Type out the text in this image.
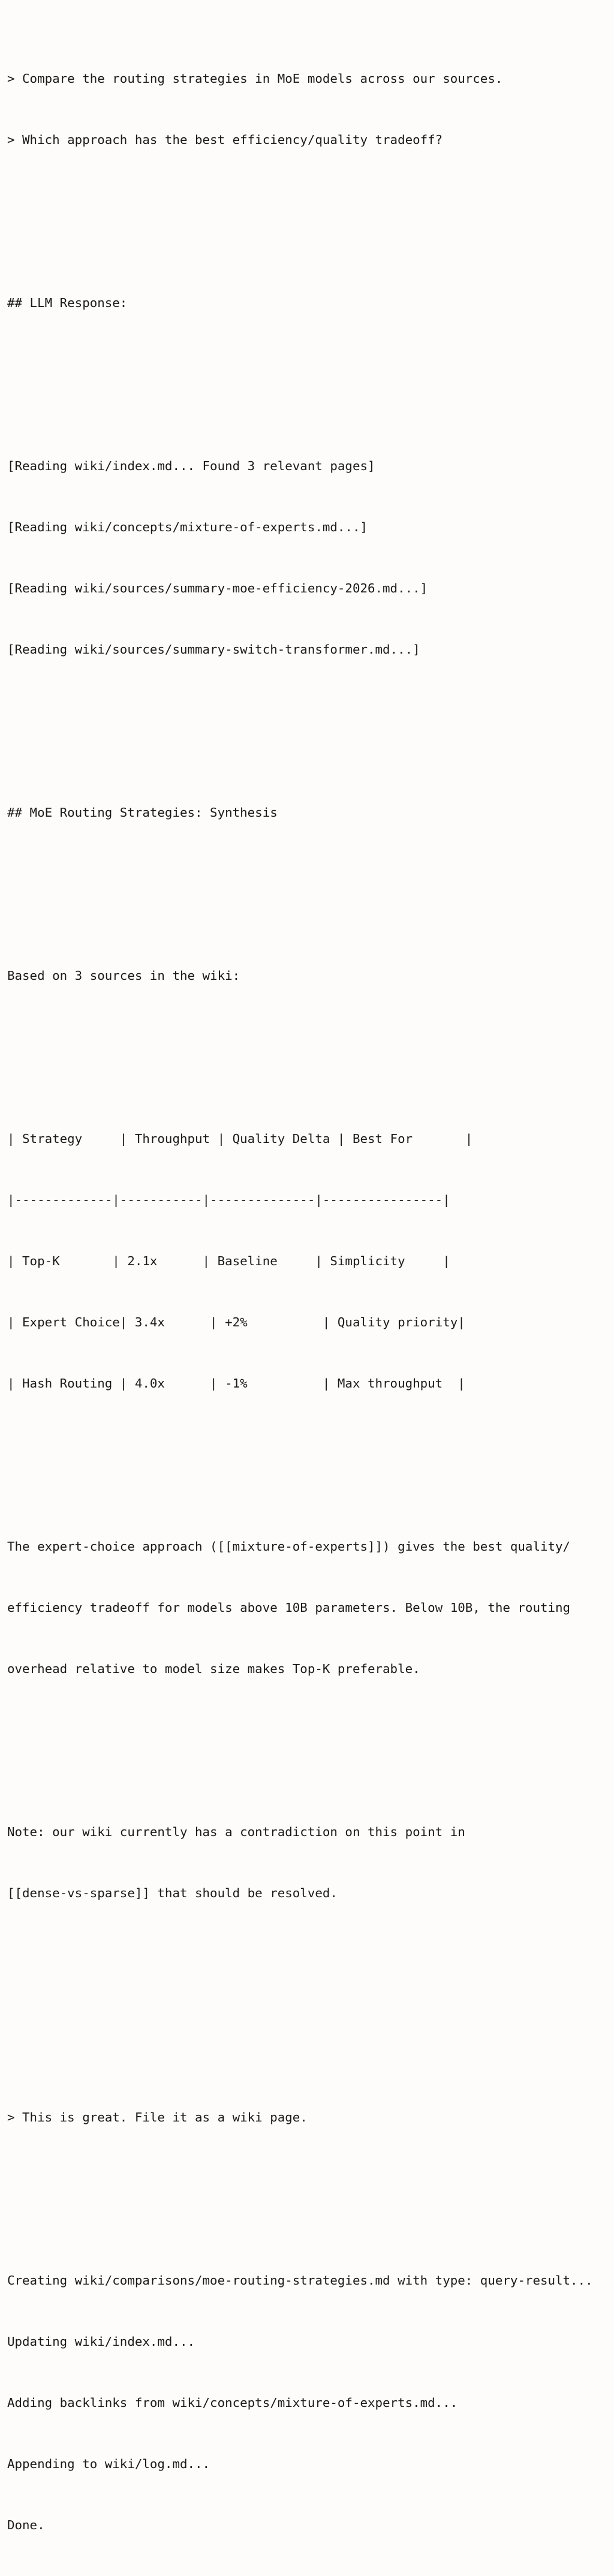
> Compare the routing strategies in MoE models across our sources.

> Which approach has the best efficiency/quality tradeoff?

## LLM Response:

[Reading wiki/index.md... Found 3 relevant pages]

[Reading wiki/concepts/mixture-of-experts.md...]

[Reading wiki/sources/summary-moe-efficiency-2026.md...]

[Reading wiki/sources/summary-switch-transformer.md...]

## MoE Routing Strategies: Synthesis

Based on 3 sources in the wiki:

| Strategy     | Throughput | Quality Delta | Best For       |

|-------------|-----------|--------------|----------------|

| Top-K       | 2.1x      | Baseline     | Simplicity     |

| Expert Choice| 3.4x      | +2%          | Quality priority|

| Hash Routing | 4.0x      | -1%          | Max throughput  |

The expert-choice approach ([[mixture-of-experts]]) gives the best quality/

efficiency tradeoff for models above 10B parameters. Below 10B, the routing

overhead relative to model size makes Top-K preferable.

Note: our wiki currently has a contradiction on this point in

[[dense-vs-sparse]] that should be resolved.

> This is great. File it as a wiki page.

Creating wiki/comparisons/moe-routing-strategies.md with type: query-result...

Updating wiki/index.md...

Adding backlinks from wiki/concepts/mixture-of-experts.md...

Appending to wiki/log.md...

Done.
